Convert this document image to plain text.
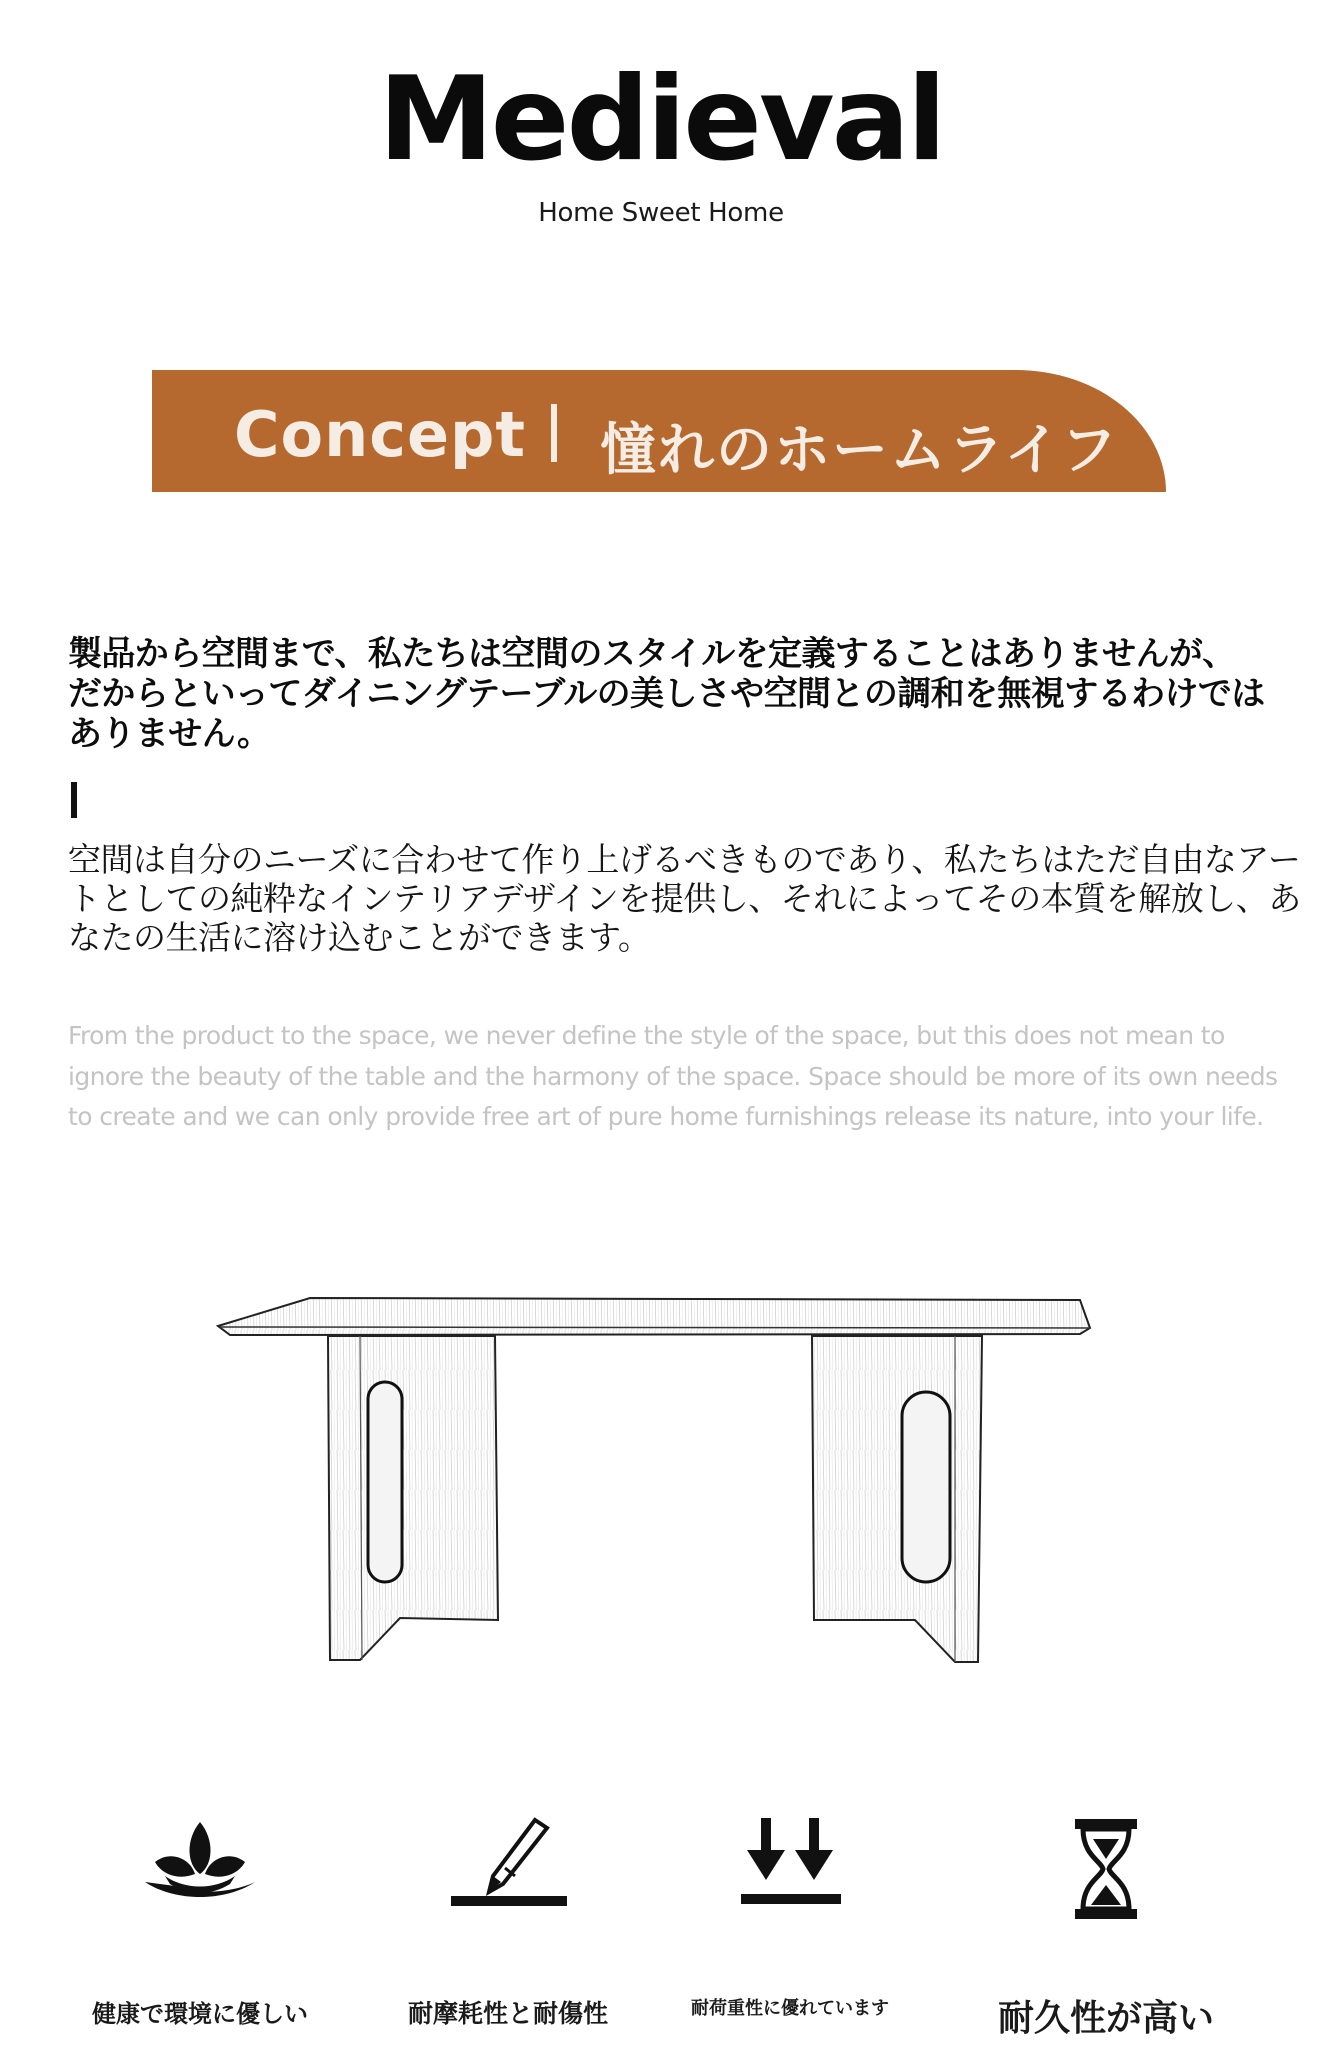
Medieval
Home Sweet Home
Concept 憧れのホームライフ
製品から空間まで、私たちは空間のスタイルを定義することはありませんが、だからといってダイニングテーブルの美しさや空間との調和を無視するわけではありません。
空間は自分のニーズに合わせて作り上げるべきものであり、私たちはただ自由なアートとしての純粋なインテリアデザインを提供し、それによってその本質を解放し、あなたの生活に溶け込むことができます。
From the product to the space, we never define the style of the space, but this does not mean to ignore the beauty of the table and the harmony of the space. Space should be more of its own needs to create and we can only provide free art of pure home furnishings release its nature, into your life.
健康で環境に優しい	耐摩耗性と耐傷性	耐荷重性に優れています	耐久性が高い
